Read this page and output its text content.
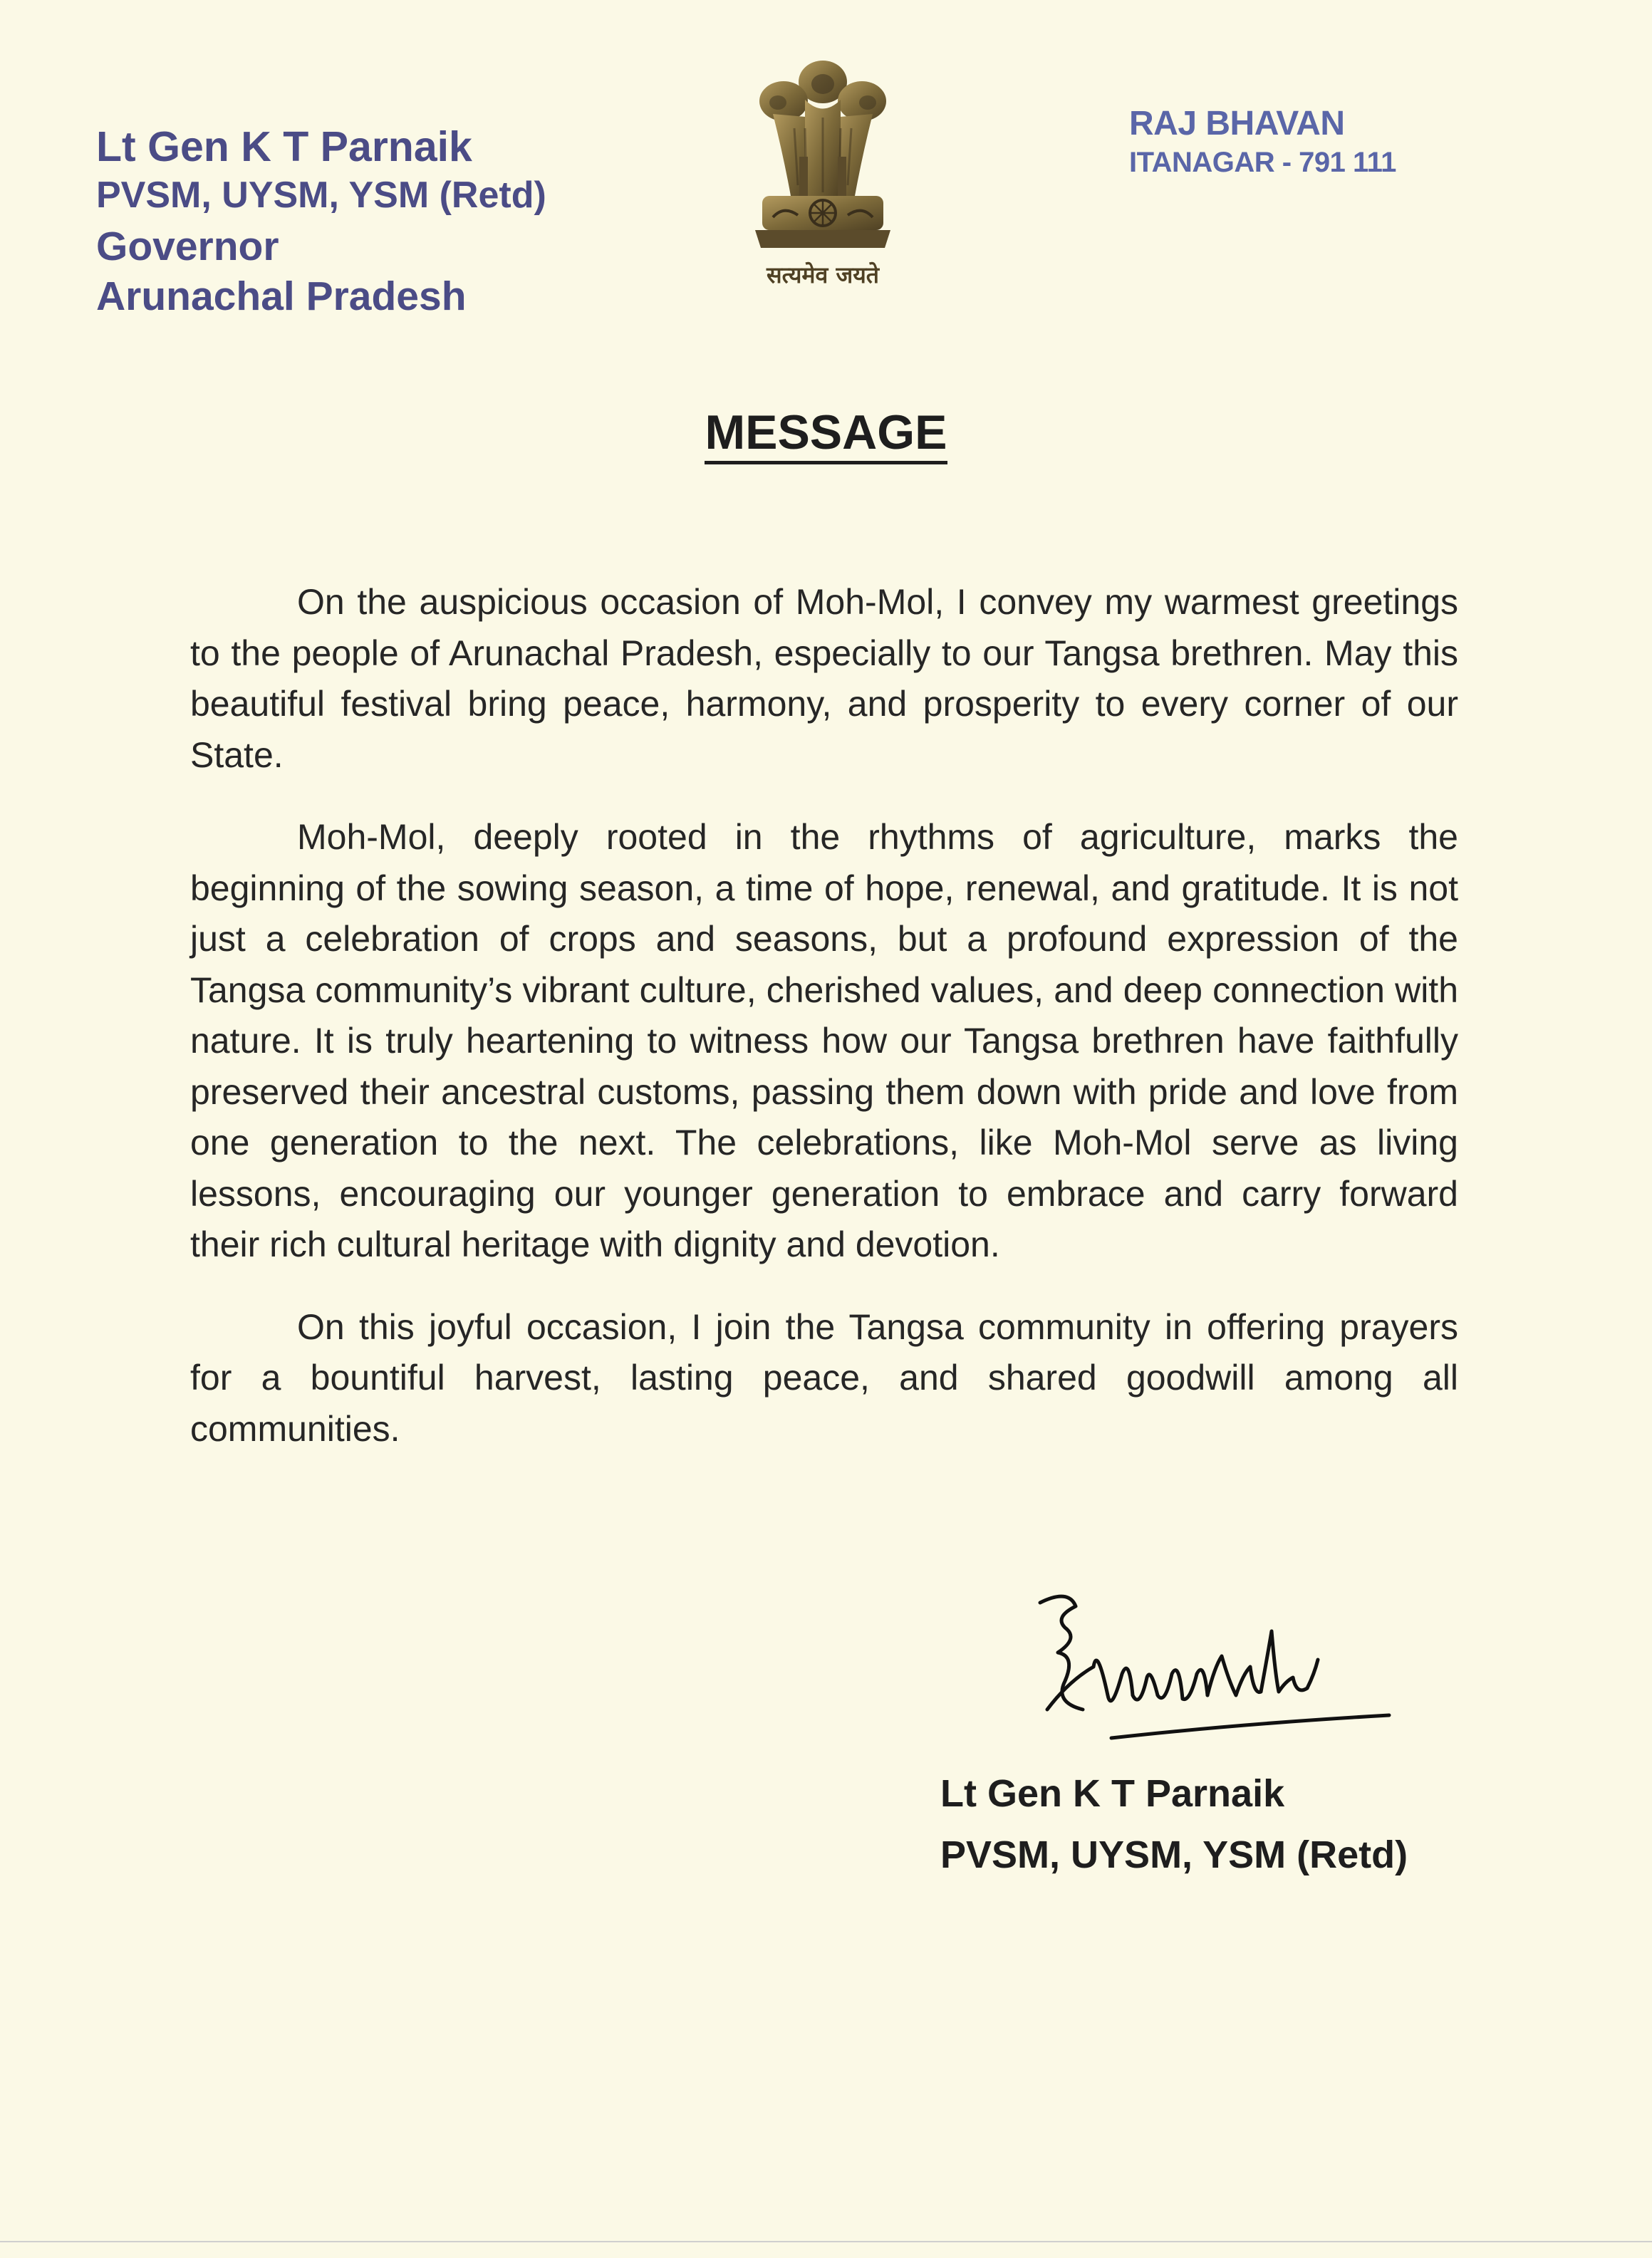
Lt Gen K T Parnaik
PVSM, UYSM, YSM (Retd)
Governor
Arunachal Pradesh	सत्यमेव जयते
RAJ BHAVAN
ITANAGAR - 791 111
MESSAGE

On the auspicious occasion of Moh-Mol, I convey my warmest greetings to the people of Arunachal Pradesh, especially to our Tangsa brethren. May this beautiful festival bring peace, harmony, and prosperity to every corner of our State.

Moh-Mol, deeply rooted in the rhythms of agriculture, marks the beginning of the sowing season, a time of hope, renewal, and gratitude. It is not just a celebration of crops and seasons, but a profound expression of the Tangsa community’s vibrant culture, cherished values, and deep connection with nature. It is truly heartening to witness how our Tangsa brethren have faithfully preserved their ancestral customs, passing them down with pride and love from one generation to the next. The celebrations, like Moh-Mol serve as living lessons, encouraging our younger generation to embrace and carry forward their rich cultural heritage with dignity and devotion.

On this joyful occasion, I join the Tangsa community in offering prayers for a bountiful harvest, lasting peace, and shared goodwill among all communities.

Lt Gen K T Parnaik
PVSM, UYSM, YSM (Retd)
